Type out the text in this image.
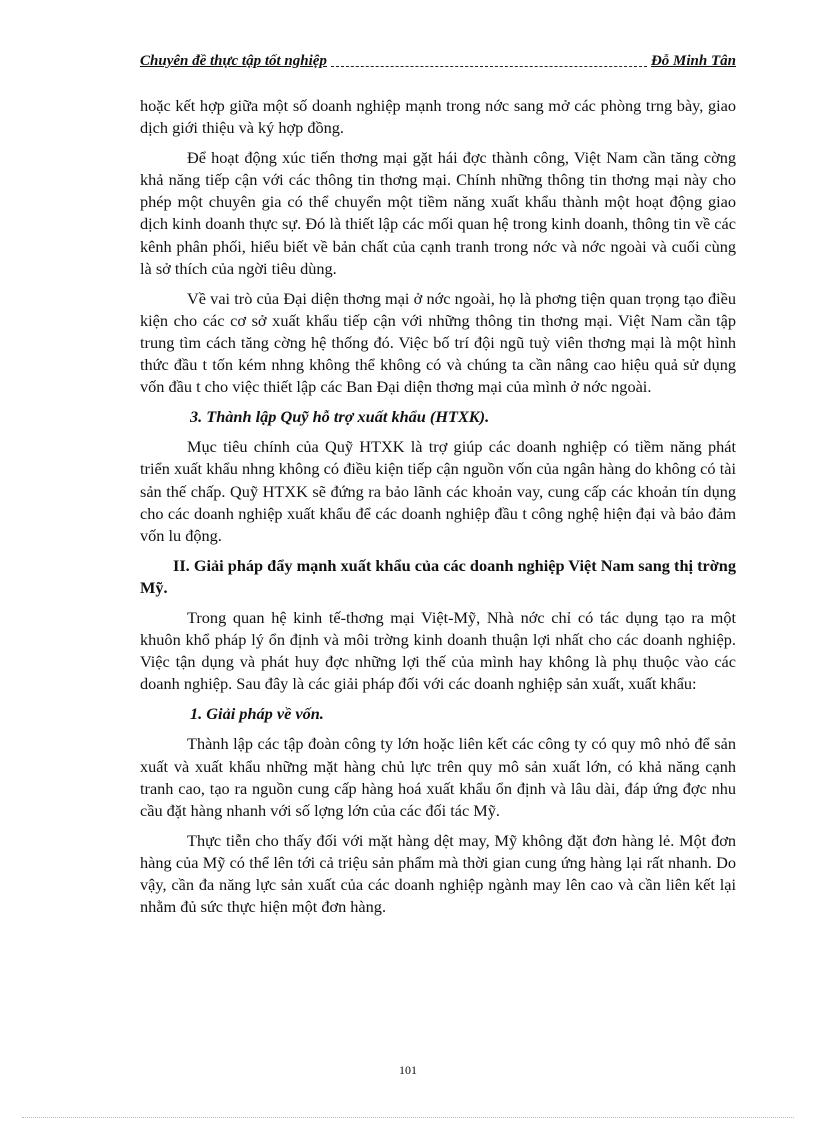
Chuyên đề thực tập tốt nghiệp	Đỗ Minh Tân

hoặc kết hợp giữa một số doanh nghiệp mạnh trong nớc sang mở các phòng trng bày, giao dịch giới thiệu và ký hợp đồng.

Để hoạt động xúc tiến thơng mại gặt hái đợc thành công, Việt Nam cần tăng cờng khả năng tiếp cận với các thông tin thơng mại. Chính những thông tin thơng mại này cho phép một chuyên gia có thể chuyển một tiềm năng xuất khẩu thành một hoạt động giao dịch kinh doanh thực sự. Đó là thiết lập các mối quan hệ trong kinh doanh, thông tin về các kênh phân phối, hiểu biết về bản chất của cạnh tranh trong nớc và nớc ngoài và cuối cùng là sở thích của ngời tiêu dùng.

Về vai trò của Đại diện thơng mại ở nớc ngoài, họ là phơng tiện quan trọng tạo điều kiện cho các cơ sở xuất khẩu tiếp cận với những thông tin thơng mại. Việt Nam cần tập trung tìm cách tăng cờng hệ thống đó. Việc bố trí đội ngũ tuỳ viên thơng mại là một hình thức đầu t tốn kém nhng không thể không có và chúng ta cần nâng cao hiệu quả sử dụng vốn đầu t cho việc thiết lập các Ban Đại diện thơng mại của mình ở nớc ngoài.

3. Thành lập Quỹ hỗ trợ xuất khẩu (HTXK).

Mục tiêu chính của Quỹ HTXK là trợ giúp các doanh nghiệp có tiềm năng phát triển xuất khẩu nhng không có điều kiện tiếp cận nguồn vốn của ngân hàng do không có tài sản thế chấp. Quỹ HTXK sẽ đứng ra bảo lãnh các khoản vay, cung cấp các khoản tín dụng cho các doanh nghiệp xuất khẩu để các doanh nghiệp đầu t công nghệ hiện đại và bảo đảm vốn lu động.

II. Giải pháp đẩy mạnh xuất khẩu của các doanh nghiệp Việt Nam sang thị trờng Mỹ.

Trong quan hệ kinh tế-thơng mại Việt-Mỹ, Nhà nớc chỉ có tác dụng tạo ra một khuôn khổ pháp lý ổn định và môi trờng kinh doanh thuận lợi nhất cho các doanh nghiệp. Việc tận dụng và phát huy đợc những lợi thế của mình hay không là phụ thuộc vào các doanh nghiệp. Sau đây là các giải pháp đối với các doanh nghiệp sản xuất, xuất khẩu:

1. Giải pháp về vốn.

Thành lập các tập đoàn công ty lớn hoặc liên kết các công ty có quy mô nhỏ để sản xuất và xuất khẩu những mặt hàng chủ lực trên quy mô sản xuất lớn, có khả năng cạnh tranh cao, tạo ra nguồn cung cấp hàng hoá xuất khẩu ổn định và lâu dài, đáp ứng đợc nhu cầu đặt hàng nhanh với số lợng lớn của các đối tác Mỹ.

Thực tiễn cho thấy đối với mặt hàng dệt may, Mỹ không đặt đơn hàng lẻ. Một đơn hàng của Mỹ có thể lên tới cả triệu sản phẩm mà thời gian cung ứng hàng lại rất nhanh. Do vậy, cần đa năng lực sản xuất của các doanh nghiệp ngành may lên cao và cần liên kết lại nhằm đủ sức thực hiện một đơn hàng.

101
